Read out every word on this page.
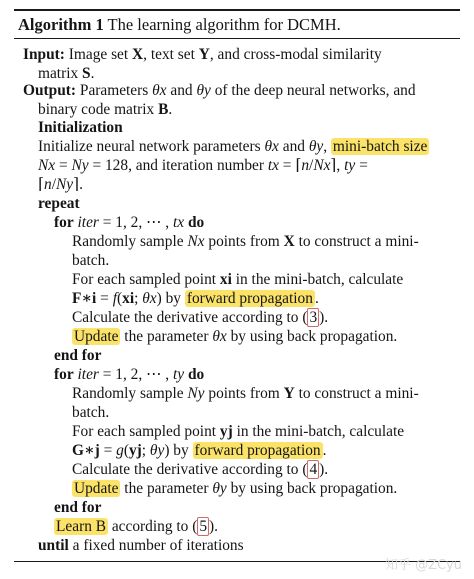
Algorithm 1 The learning algorithm for DCMH.
Input: Image set X, text set Y, and cross-modal similarity
matrix S.
Output: Parameters θx and θy of the deep neural networks, and
binary code matrix B.
Initialization
Initialize neural network parameters θx and θy, mini-batch size
Nx = Ny = 128, and iteration number tx = ⌈n/Nx⌉, ty =
⌈n/Ny⌉.
repeat
for iter = 1, 2, ⋯ , tx do
Randomly sample Nx points from X to construct a mini-
batch.
For each sampled point xi in the mini-batch, calculate
F∗i = f(xi; θx) by forward propagation .
Calculate the derivative according to ( 3 ).
Update the parameter θx by using back propagation.
end for
for iter = 1, 2, ⋯ , ty do
Randomly sample Ny points from Y to construct a mini-
batch.
For each sampled point yj in the mini-batch, calculate
G∗j = g(yj; θy) by forward propagation .
Calculate the derivative according to ( 4 ).
Update the parameter θy by using back propagation.
end for
Learn B according to ( 5 ).
until a fixed number of iterations
知乎 @ZCyu
